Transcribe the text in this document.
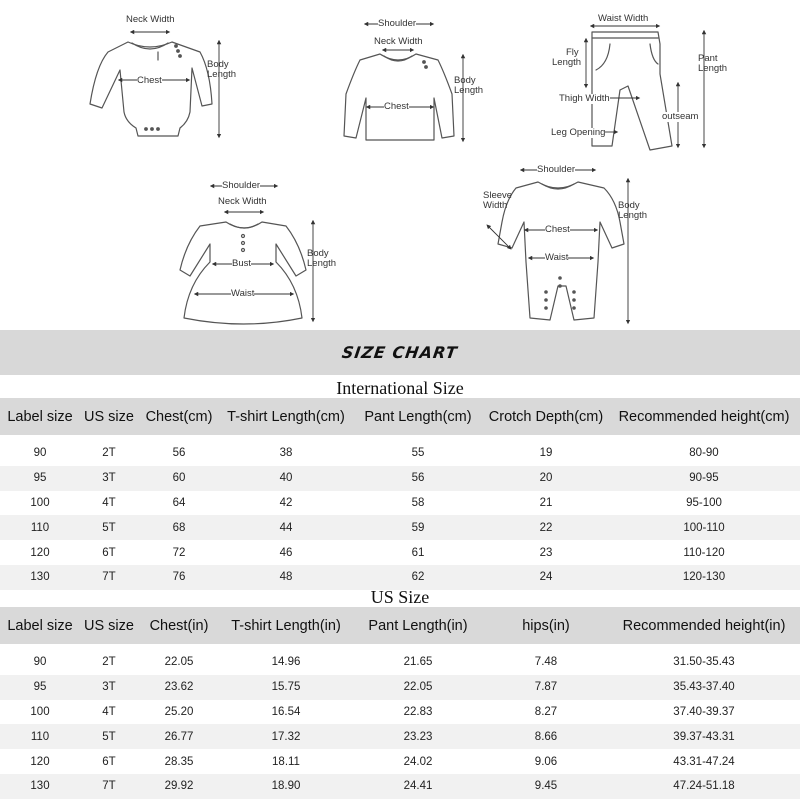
Neck Width
Chest
Body
Length
Shoulder
Neck Width
Chest
Body
Length
Waist Width
Fly
Length	Pant
Length
Thigh Width
outseam
Leg Opening
Shoulder
Neck Width
Bust
Waist
Body
Length
Shoulder
Sleeve
Width
Chest
Waist
Body
Length
SIZE CHART
International Size
Label size	US size	Chest(cm)	T-shirt Length(cm)	Pant Length(cm)	Crotch Depth(cm)	Recommended height(cm)

90	2T	56	38	55	19	80-90
95	3T	60	40	56	20	90-95
100	4T	64	42	58	21	95-100
110	5T	68	44	59	22	100-110
120	6T	72	46	61	23	110-120
130	7T	76	48	62	24	120-130
US Size
Label size	US size	Chest(in)	T-shirt Length(in)	Pant Length(in)	hips(in)	Recommended height(in)

90	2T	22.05	14.96	21.65	7.48	31.50-35.43
95	3T	23.62	15.75	22.05	7.87	35.43-37.40
100	4T	25.20	16.54	22.83	8.27	37.40-39.37
110	5T	26.77	17.32	23.23	8.66	39.37-43.31
120	6T	28.35	18.11	24.02	9.06	43.31-47.24
130	7T	29.92	18.90	24.41	9.45	47.24-51.18
